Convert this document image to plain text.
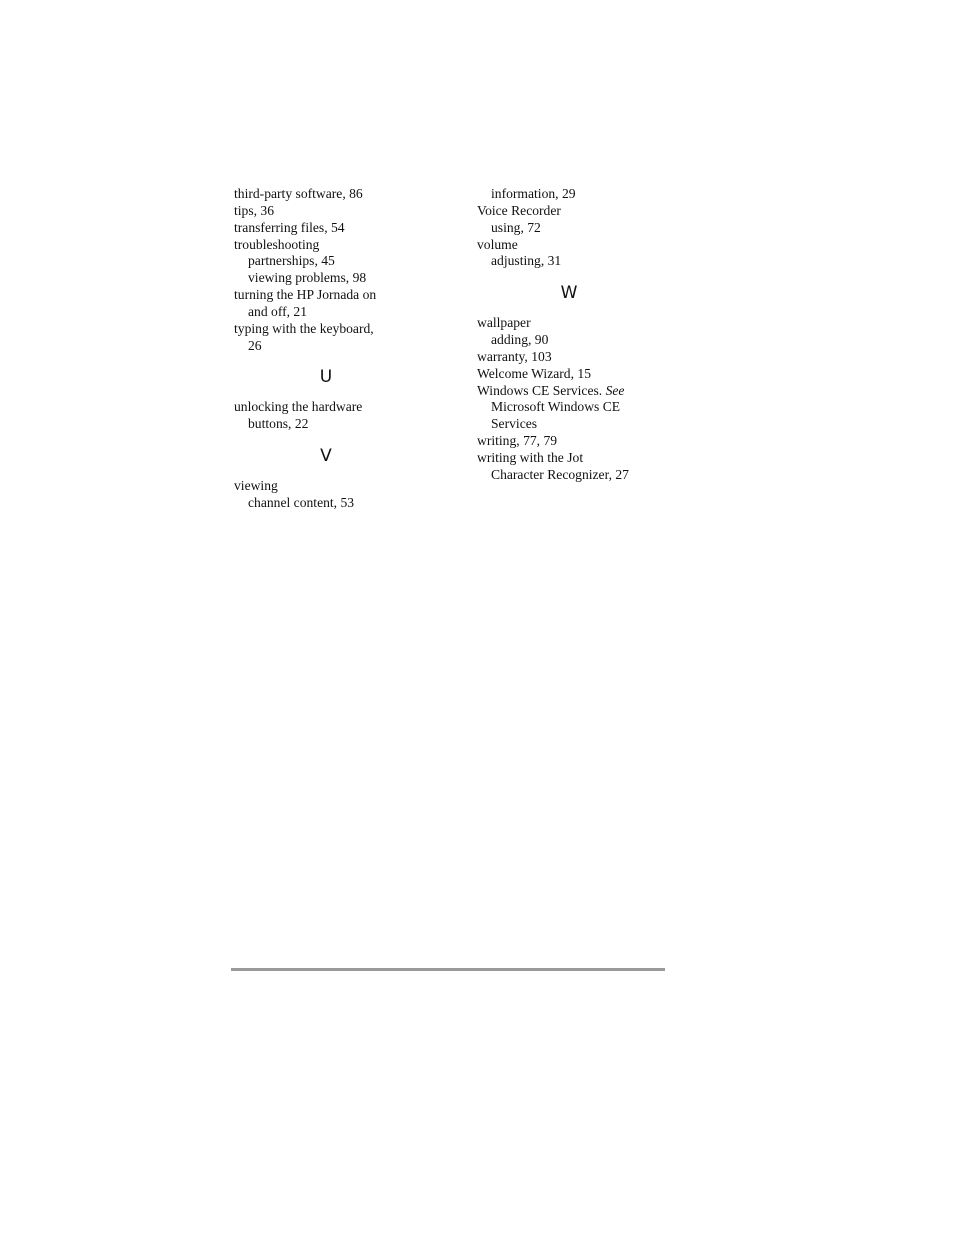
third-party software, 86
tips, 36
transferring files, 54
troubleshooting
partnerships, 45
viewing problems, 98
turning the HP Jornada on
and off, 21
typing with the keyboard,
26
U
unlocking the hardware
buttons, 22
V
viewing
channel content, 53
information, 29
Voice Recorder
using, 72
volume
adjusting, 31
W
wallpaper
adding, 90
warranty, 103
Welcome Wizard, 15
Windows CE Services. See
Microsoft Windows CE
Services
writing, 77, 79
writing with the Jot
Character Recognizer, 27
